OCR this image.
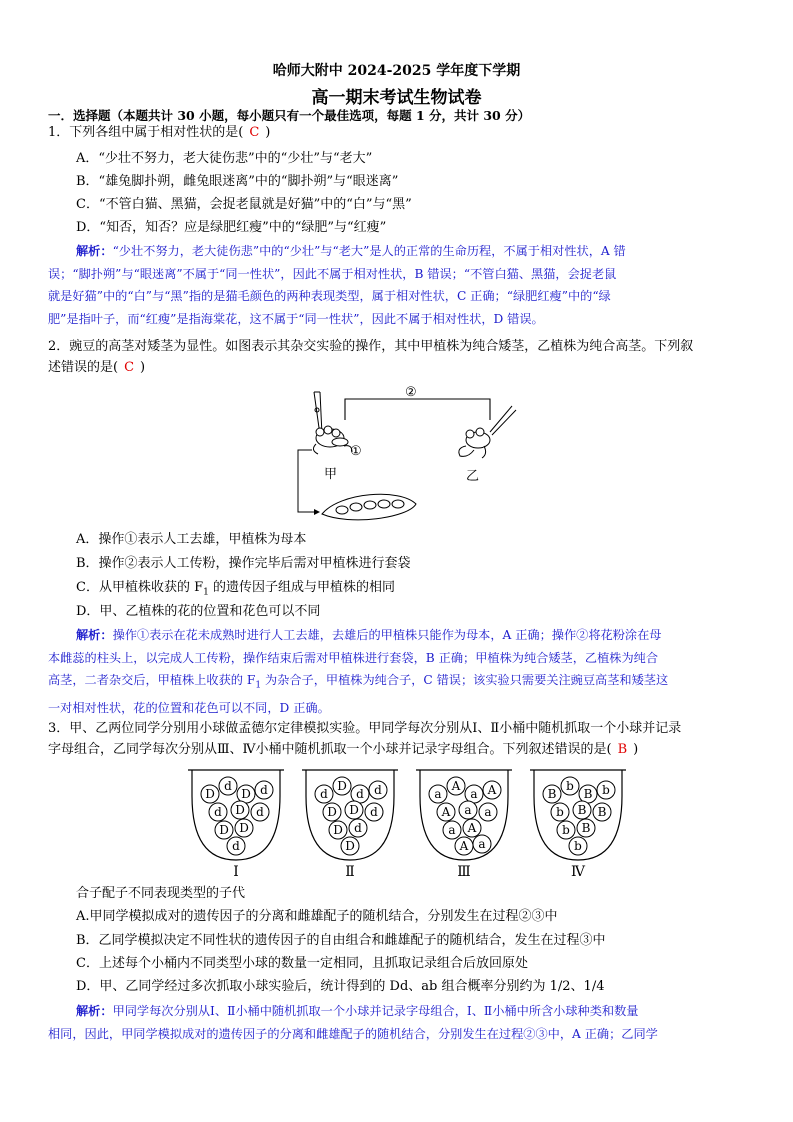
哈师大附中 2024-2025 学年度下学期
高一期末考试生物试卷
一．选择题（本题共计 30 小题，每小题只有一个最佳选项，每题 1 分，共计 30 分）
1．下列各组中属于相对性状的是( C )
A．“少壮不努力，老大徒伤悲”中的“少壮”与“老大”
B．“雄兔脚扑朔，雌兔眼迷离”中的“脚扑朔”与“眼迷离”
C．“不管白猫、黑猫，会捉老鼠就是好猫”中的“白”与“黑”
D．“知否，知否？应是绿肥红瘦”中的“绿肥”与“红瘦”
解析：“少壮不努力，老大徒伤悲”中的“少壮”与“老大”是人的正常的生命历程，不属于相对性状，A 错
误；“脚扑朔”与“眼迷离”不属于“同一性状”，因此不属于相对性状，B 错误；“不管白猫、黑猫，会捉老鼠
就是好猫”中的“白”与“黑”指的是猫毛颜色的两种表现类型，属于相对性状，C 正确；“绿肥红瘦”中的“绿
肥”是指叶子，而“红瘦”是指海棠花，这不属于“同一性状”，因此不属于相对性状，D 错误。
2．豌豆的高茎对矮茎为显性。如图表示其杂交实验的操作，其中甲植株为纯合矮茎，乙植株为纯合高茎。下列叙
述错误的是( C )
②
①
甲	乙
A．操作①表示人工去雄，甲植株为母本
B．操作②表示人工传粉，操作完毕后需对甲植株进行套袋
C．从甲植株收获的 $F_1$ 的遗传因子组成与甲植株的相同
D．甲、乙植株的花的位置和花色可以不同
解析：操作①表示在花未成熟时进行人工去雄，去雄后的甲植株只能作为母本，A 正确；操作②将花粉涂在母
本雌蕊的柱头上，以完成人工传粉，操作结束后需对甲植株进行套袋，B 正确；甲植株为纯合矮茎，乙植株为纯合
高茎，二者杂交后，甲植株上收获的 $F_1$ 为杂合子，甲植株为纯合子，C 错误；该实验只需要关注豌豆高茎和矮茎这
一对相对性状，花的位置和花色可以不同，D 正确。
3．甲、乙两位同学分别用小球做孟德尔定律模拟实验。甲同学每次分别从Ⅰ、Ⅱ小桶中随机抓取一个小球并记录
字母组合，乙同学每次分别从Ⅲ、Ⅳ小桶中随机抓取一个小球并记录字母组合。下列叙述错误的是( B )
D
d
D d
d D d
D D
d
Ⅰ
d
D
d d
D D d
D d
D
Ⅱ
a
A
a A
A a a
a A
A a
Ⅲ
B
b
B b
b B B
b B
b
Ⅳ
合子配子不同表现类型的子代
A.甲同学模拟成对的遗传因子的分离和雌雄配子的随机结合，分别发生在过程②③中
B．乙同学模拟决定不同性状的遗传因子的自由组合和雌雄配子的随机结合，发生在过程③中
C．上述每个小桶内不同类型小球的数量一定相同，且抓取记录组合后放回原处
D．甲、乙同学经过多次抓取小球实验后，统计得到的 Dd、ab 组合概率分别约为 1/2、1/4
解析：甲同学每次分别从Ⅰ、Ⅱ小桶中随机抓取一个小球并记录字母组合，Ⅰ、Ⅱ小桶中所含小球种类和数量
相同，因此，甲同学模拟成对的遗传因子的分离和雌雄配子的随机结合，分别发生在过程②③中，A 正确；乙同学
